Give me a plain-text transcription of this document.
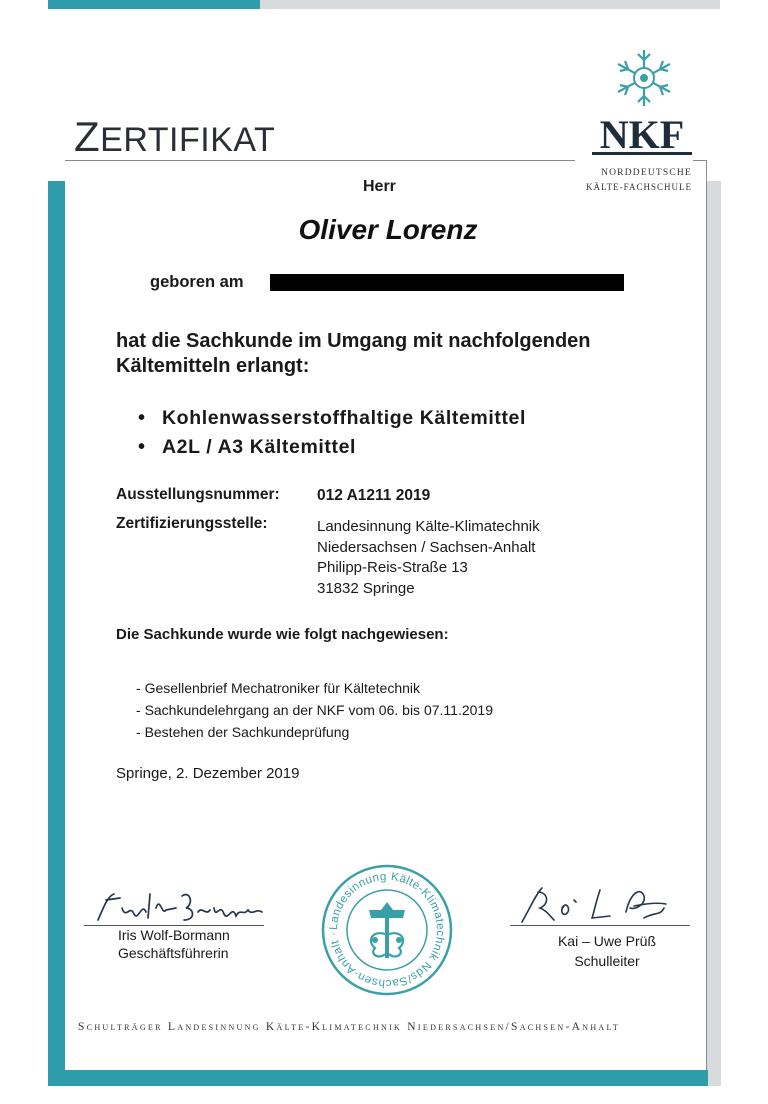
ZERTIFIKAT	NKF
NORDDEUTSCHE
KÄLTE-FACHSCHULE
Herr
Oliver Lorenz
geboren am
hat die Sachkunde im Umgang mit nachfolgenden Kältemitteln erlangt:
• Kohlenwasserstoffhaltige Kältemittel
• A2L / A3 Kältemittel
Ausstellungsnummer: 012 A1211 2019
Zertifizierungsstelle:	Landesinnung Kälte-Klimatechnik
Niedersachsen / Sachsen-Anhalt
Philipp-Reis-Straße 13
31832 Springe
Die Sachkunde wurde wie folgt nachgewiesen:
- Gesellenbrief Mechatroniker für Kältetechnik
- Sachkundelehrgang an der NKF vom 06. bis 07.11.2019
- Bestehen der Sachkundeprüfung
Springe, 2. Dezember 2019
Iris Wolf-Bormann
Geschäftsführerin
Landesinnung Kälte-Klimatechnik Nds/Sachsen-Anhalt ·	Kai – Uwe Prüß
Schulleiter
Schulträger Landesinnung Kälte-Klimatechnik Niedersachsen/Sachsen-Anhalt
